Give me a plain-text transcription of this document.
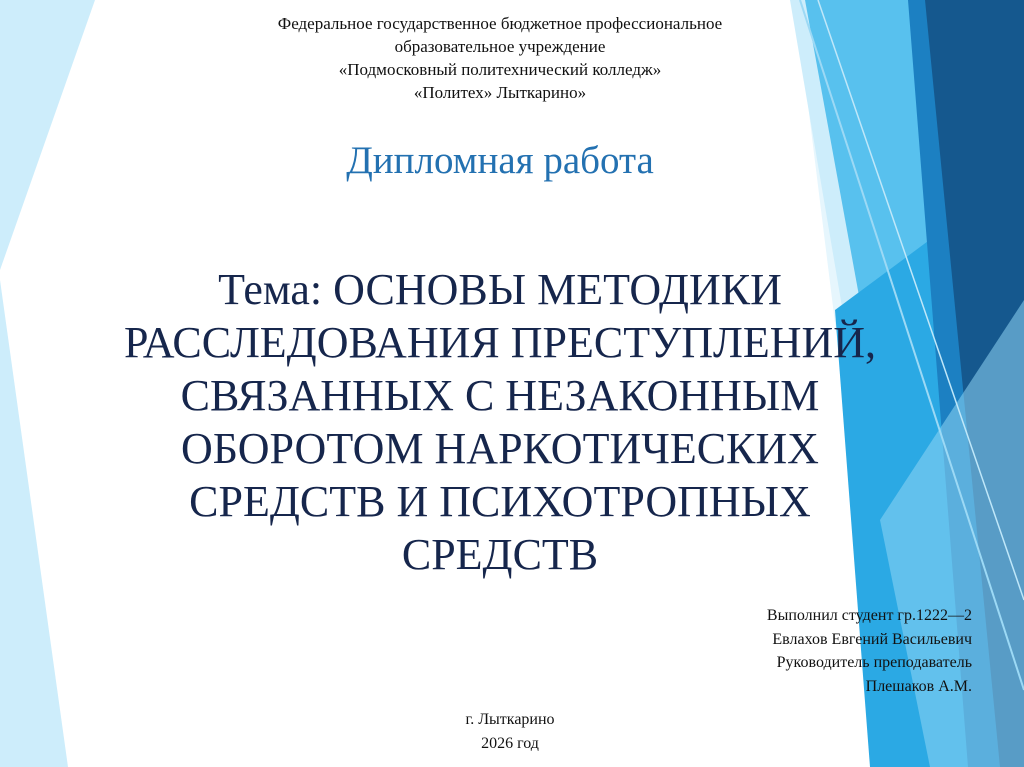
Федеральное государственное бюджетное профессиональное
образовательное учреждение
«Подмосковный политехнический колледж»
«Политех» Лыткарино»
Дипломная работа
Тема: ОСНОВЫ МЕТОДИКИ
РАССЛЕДОВАНИЯ ПРЕСТУПЛЕНИЙ,
СВЯЗАННЫХ С НЕЗАКОННЫМ
ОБОРОТОМ НАРКОТИЧЕСКИХ
СРЕДСТВ И ПСИХОТРОПНЫХ
СРЕДСТВ
Выполнил студент гр.1222—2
Евлахов Евгений Васильевич
Руководитель преподаватель
Плешаков А.М.
г. Лыткарино
2026 год
